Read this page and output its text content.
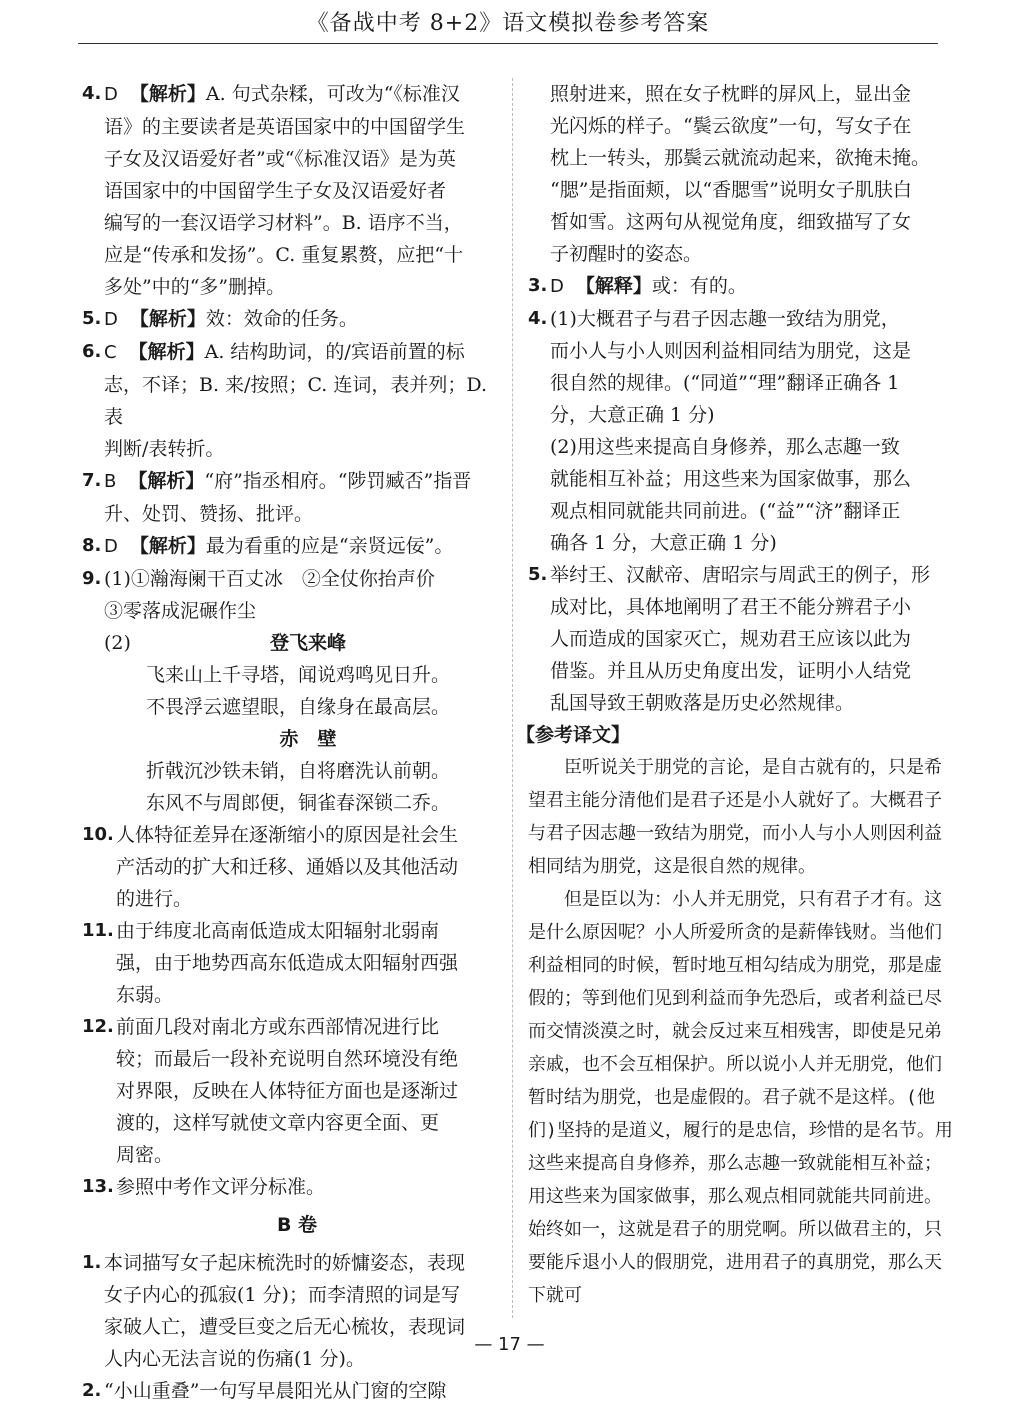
《备战中考 8+2》语文模拟卷参考答案
4. D 【解析】A. 句式杂糅，可改为“《标准汉
语》的主要读者是英语国家中的中国留学生
子女及汉语爱好者”或“《标准汉语》是为英
语国家中的中国留学生子女及汉语爱好者
编写的一套汉语学习材料”。B. 语序不当，
应是“传承和发扬”。C. 重复累赘，应把“十
多处”中的“多”删掉。
5. D 【解析】效：效命的任务。
6. C 【解析】A. 结构助词，的/宾语前置的标
志，不译；B. 来/按照；C. 连词，表并列；D. 表
判断/表转折。
7. B 【解析】“府”指丞相府。“陟罚臧否”指晋
升、处罚、赞扬、批评。
8. D 【解析】最为看重的应是“亲贤远佞”。
9. (1)①瀚海阑干百丈冰　②全仗你抬声价
③零落成泥碾作尘
(2)	登飞来峰
飞来山上千寻塔，闻说鸡鸣见日升。
不畏浮云遮望眼，自缘身在最高层。
赤　壁
折戟沉沙铁未销，自将磨洗认前朝。
东风不与周郎便，铜雀春深锁二乔。
10. 人体特征差异在逐渐缩小的原因是社会生
产活动的扩大和迁移、通婚以及其他活动
的进行。
11. 由于纬度北高南低造成太阳辐射北弱南
强，由于地势西高东低造成太阳辐射西强
东弱。
12. 前面几段对南北方或东西部情况进行比
较；而最后一段补充说明自然环境没有绝
对界限，反映在人体特征方面也是逐渐过
渡的，这样写就使文章内容更全面、更
周密。
13. 参照中考作文评分标准。
B 卷
1. 本词描写女子起床梳洗时的娇慵姿态，表现
女子内心的孤寂(1 分)；而李清照的词是写
家破人亡，遭受巨变之后无心梳妆，表现词
人内心无法言说的伤痛(1 分)。
2. “小山重叠”一句写早晨阳光从门窗的空隙
照射进来，照在女子枕畔的屏风上，显出金
光闪烁的样子。“鬓云欲度”一句，写女子在
枕上一转头，那鬓云就流动起来，欲掩未掩。
“腮”是指面颊，以“香腮雪”说明女子肌肤白
皙如雪。这两句从视觉角度，细致描写了女
子初醒时的姿态。
3. D 【解释】或：有的。
4. (1)大概君子与君子因志趣一致结为朋党，
而小人与小人则因利益相同结为朋党，这是
很自然的规律。(“同道”“理”翻译正确各 1
分，大意正确 1 分)
(2)用这些来提高自身修养，那么志趣一致
就能相互补益；用这些来为国家做事，那么
观点相同就能共同前进。(“益”“济”翻译正
确各 1 分，大意正确 1 分)
5. 举纣王、汉献帝、唐昭宗与周武王的例子，形
成对比，具体地阐明了君王不能分辨君子小
人而造成的国家灭亡，规劝君王应该以此为
借鉴。并且从历史角度出发，证明小人结党
乱国导致王朝败落是历史必然规律。
【参考译文】

臣听说关于朋党的言论，是自古就有的，只是希望君主能分清他们是君子还是小人就好了。大概君子与君子因志趣一致结为朋党，而小人与小人则因利益相同结为朋党，这是很自然的规律。

但是臣以为：小人并无朋党，只有君子才有。这是什么原因呢？小人所爱所贪的是薪俸钱财。当他们利益相同的时候，暂时地互相勾结成为朋党，那是虚假的；等到他们见到利益而争先恐后，或者利益已尽而交情淡漠之时，就会反过来互相残害，即使是兄弟亲戚，也不会互相保护。所以说小人并无朋党，他们暂时结为朋党，也是虚假的。君子就不是这样。(他们)坚持的是道义，履行的是忠信，珍惜的是名节。用这些来提高自身修养，那么志趣一致就能相互补益；用这些来为国家做事，那么观点相同就能共同前进。始终如一，这就是君子的朋党啊。所以做君主的，只要能斥退小人的假朋党，进用君子的真朋党，那么天下就可

— 17 —
